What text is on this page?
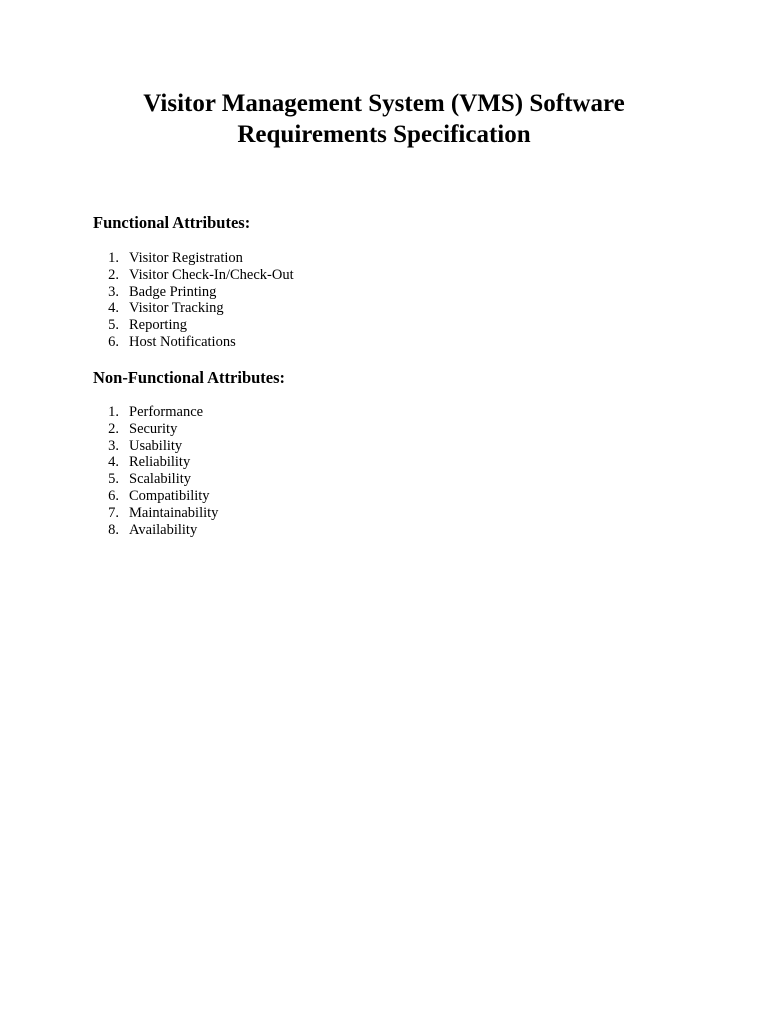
Visitor Management System (VMS) Software
Requirements Specification
Functional Attributes:
1. Visitor Registration
2. Visitor Check-In/Check-Out
3. Badge Printing
4. Visitor Tracking
5. Reporting
6. Host Notifications
Non-Functional Attributes:
1. Performance
2. Security
3. Usability
4. Reliability
5. Scalability
6. Compatibility
7. Maintainability
8. Availability
